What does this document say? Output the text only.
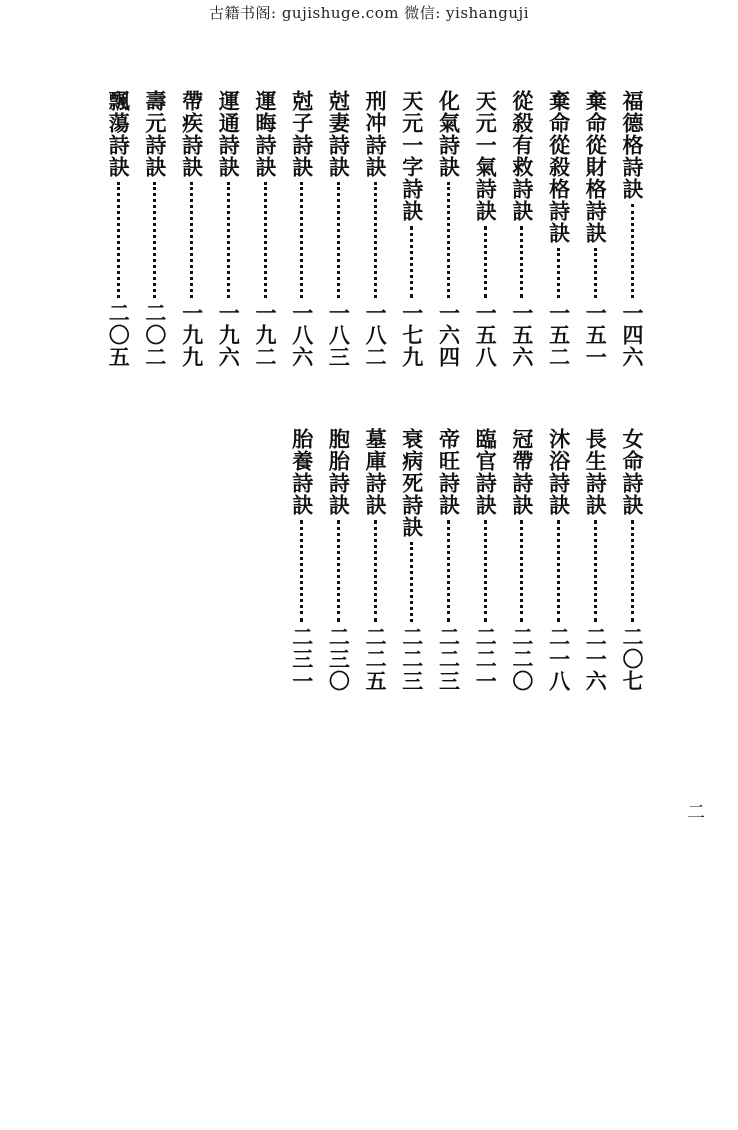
古籍书阁: gujishuge.com 微信: yishanguji
二
福德格詩訣
一四六
棄命從財格詩訣
一五一
棄命從殺格詩訣
一五二
從殺有救詩訣
一五六
天元一氣詩訣
一五八
化氣詩訣
一六四
天元一字詩訣
一七九
刑冲詩訣
一八二
尅妻詩訣
一八三
尅子詩訣
一八六
運晦詩訣
一九二
運通詩訣
一九六
帶疾詩訣
一九九
壽元詩訣
二〇二
飄蕩詩訣
二〇五
女命詩訣
二〇七
長生詩訣
二一六
沐浴詩訣
二一八
冠帶詩訣
二二〇
臨官詩訣
二二一
帝旺詩訣
二二三
衰病死詩訣
二二三
墓庫詩訣
二二五
胞胎詩訣
二三〇
胎養詩訣
二三一
